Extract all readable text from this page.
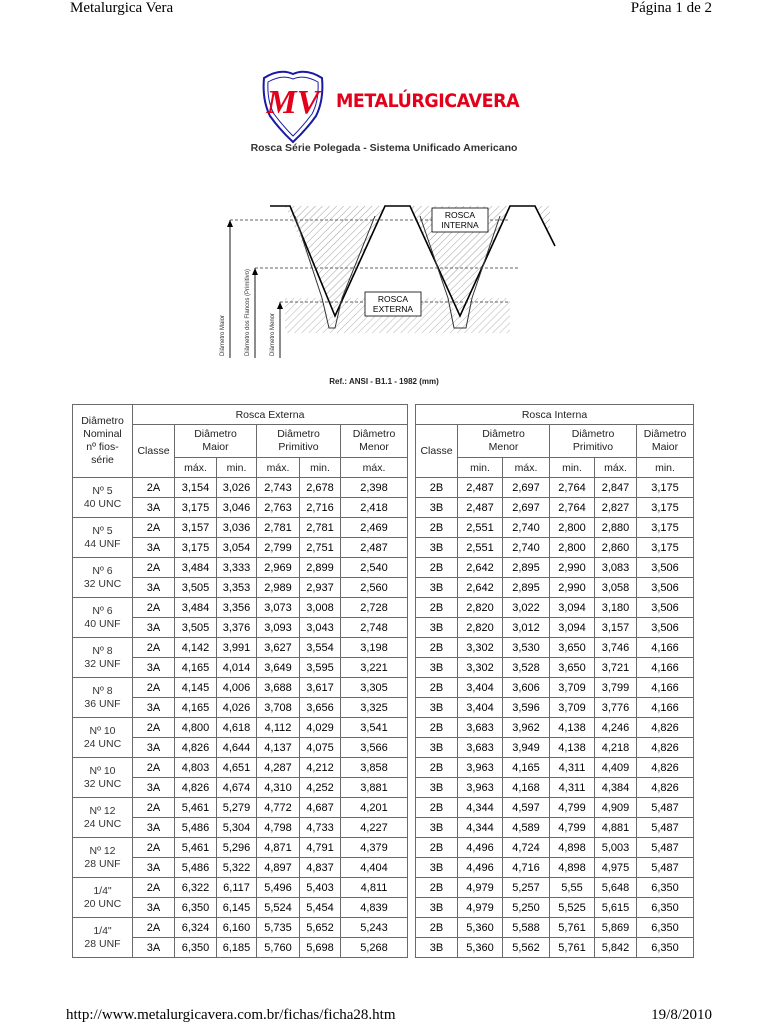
Metalurgica Vera	Página 1 de 2
MV METALÚRGICAVERA
Rosca Série Polegada - Sistema Unificado Americano
Diâmetro Maior	Diâmetro dos Flancos (Primitivo)	Diâmetro Menor
ROSCA
INTERNA
ROSCA
EXTERNA
Ref.: ANSI - B1.1 - 1982 (mm)
Diâmetro
Nominal
nº fios-
série	Rosca Externa					
	Classe	Diâmetro
Maior		Diâmetro
Primitivo		Diâmetro
Menor
		máx.	min.	máx.	min.	máx.
Nº 5
40 UNC	2A	3,154	3,026	2,743	2,678	2,398
	3A	3,175	3,046	2,763	2,716	2,418
Nº 5
44 UNF	2A	3,157	3,036	2,781	2,781	2,469
	3A	3,175	3,054	2,799	2,751	2,487
Nº 6
32 UNC	2A	3,484	3,333	2,969	2,899	2,540
	3A	3,505	3,353	2,989	2,937	2,560
Nº 6
40 UNF	2A	3,484	3,356	3,073	3,008	2,728
	3A	3,505	3,376	3,093	3,043	2,748
Nº 8
32 UNF	2A	4,142	3,991	3,627	3,554	3,198
	3A	4,165	4,014	3,649	3,595	3,221
Nº 8
36 UNF	2A	4,145	4,006	3,688	3,617	3,305
	3A	4,165	4,026	3,708	3,656	3,325
Nº 10
24 UNC	2A	4,800	4,618	4,112	4,029	3,541
	3A	4,826	4,644	4,137	4,075	3,566
Nº 10
32 UNC	2A	4,803	4,651	4,287	4,212	3,858
	3A	4,826	4,674	4,310	4,252	3,881
Nº 12
24 UNC	2A	5,461	5,279	4,772	4,687	4,201
	3A	5,486	5,304	4,798	4,733	4,227
Nº 12
28 UNF	2A	5,461	5,296	4,871	4,791	4,379
	3A	5,486	5,322	4,897	4,837	4,404
1/4"
20 UNC	2A	6,322	6,117	5,496	5,403	4,811
	3A	6,350	6,145	5,524	5,454	4,839
1/4"
28 UNF	2A	6,324	6,160	5,735	5,652	5,243
	3A	6,350	6,185	5,760	5,698	5,268
Rosca Interna					
Classe	Diâmetro
Menor		Diâmetro
Primitivo		Diâmetro
Maior
	min.	máx.	min.	máx.	min.
2B	2,487	2,697	2,764	2,847	3,175
3B	2,487	2,697	2,764	2,827	3,175
2B	2,551	2,740	2,800	2,880	3,175
3B	2,551	2,740	2,800	2,860	3,175
2B	2,642	2,895	2,990	3,083	3,506
3B	2,642	2,895	2,990	3,058	3,506
2B	2,820	3,022	3,094	3,180	3,506
3B	2,820	3,012	3,094	3,157	3,506
2B	3,302	3,530	3,650	3,746	4,166
3B	3,302	3,528	3,650	3,721	4,166
2B	3,404	3,606	3,709	3,799	4,166
3B	3,404	3,596	3,709	3,776	4,166
2B	3,683	3,962	4,138	4,246	4,826
3B	3,683	3,949	4,138	4,218	4,826
2B	3,963	4,165	4,311	4,409	4,826
3B	3,963	4,168	4,311	4,384	4,826
2B	4,344	4,597	4,799	4,909	5,487
3B	4,344	4,589	4,799	4,881	5,487
2B	4,496	4,724	4,898	5,003	5,487
3B	4,496	4,716	4,898	4,975	5,487
2B	4,979	5,257	5,55	5,648	6,350
3B	4,979	5,250	5,525	5,615	6,350
2B	5,360	5,588	5,761	5,869	6,350
3B	5,360	5,562	5,761	5,842	6,350
http://www.metalurgicavera.com.br/fichas/ficha28.htm	19/8/2010
